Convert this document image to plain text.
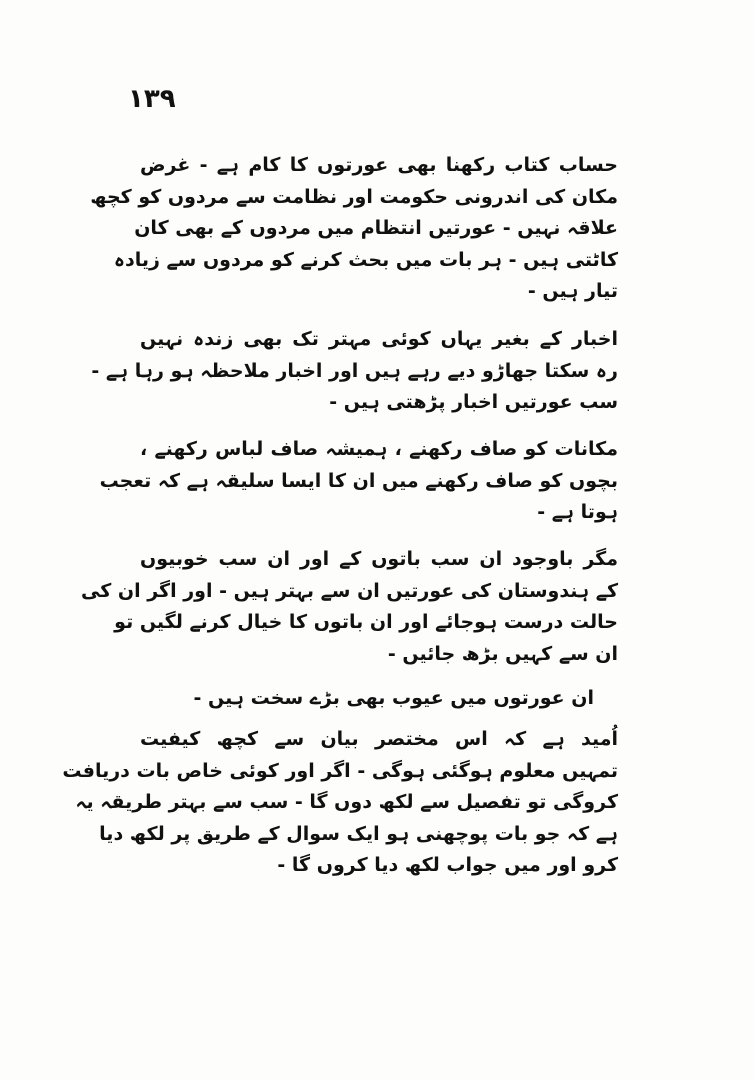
۱۳۹
حساب کتاب رکھنا بھی عورتوں کا کام ہے - غرض
مکان کی اندرونی حکومت اور نظامت سے مردوں کو کچھ
علاقہ نہیں - عورتیں انتظام میں مردوں کے بھی کان
کاٹتی ہیں - ہر بات میں بحث کرنے کو مردوں سے زیادہ
تیار ہیں -
اخبار کے بغیر یہاں کوئی مہتر تک بھی زندہ نہیں
رہ سکتا جھاڑو دیے رہے ہیں اور اخبار ملاحظہ ہو رہا ہے -
سب عورتیں اخبار پڑھتی ہیں -
مکانات کو صاف رکھنے ، ہمیشہ صاف لباس رکھنے ،
بچوں کو صاف رکھنے میں ان کا ایسا سلیقہ ہے کہ تعجب
ہوتا ہے -
مگر باوجود ان سب باتوں کے اور ان سب خوبیوں
کے ہندوستان کی عورتیں ان سے بہتر ہیں - اور اگر ان کی
حالت درست ہوجائے اور ان باتوں کا خیال کرنے لگیں تو
ان سے کہیں بڑھ جائیں -
ان عورتوں میں عیوب بھی بڑے سخت ہیں -
اُمید ہے کہ اس مختصر بیان سے کچھ کیفیت
تمہیں معلوم ہوگئی ہوگی - اگر اور کوئی خاص بات دریافت
کروگی تو تفصیل سے لکھ دوں گا - سب سے بہتر طریقہ یہ
ہے کہ جو بات پوچھنی ہو ایک سوال کے طریق پر لکھ دیا
کرو اور میں جواب لکھ دیا کروں گا -
